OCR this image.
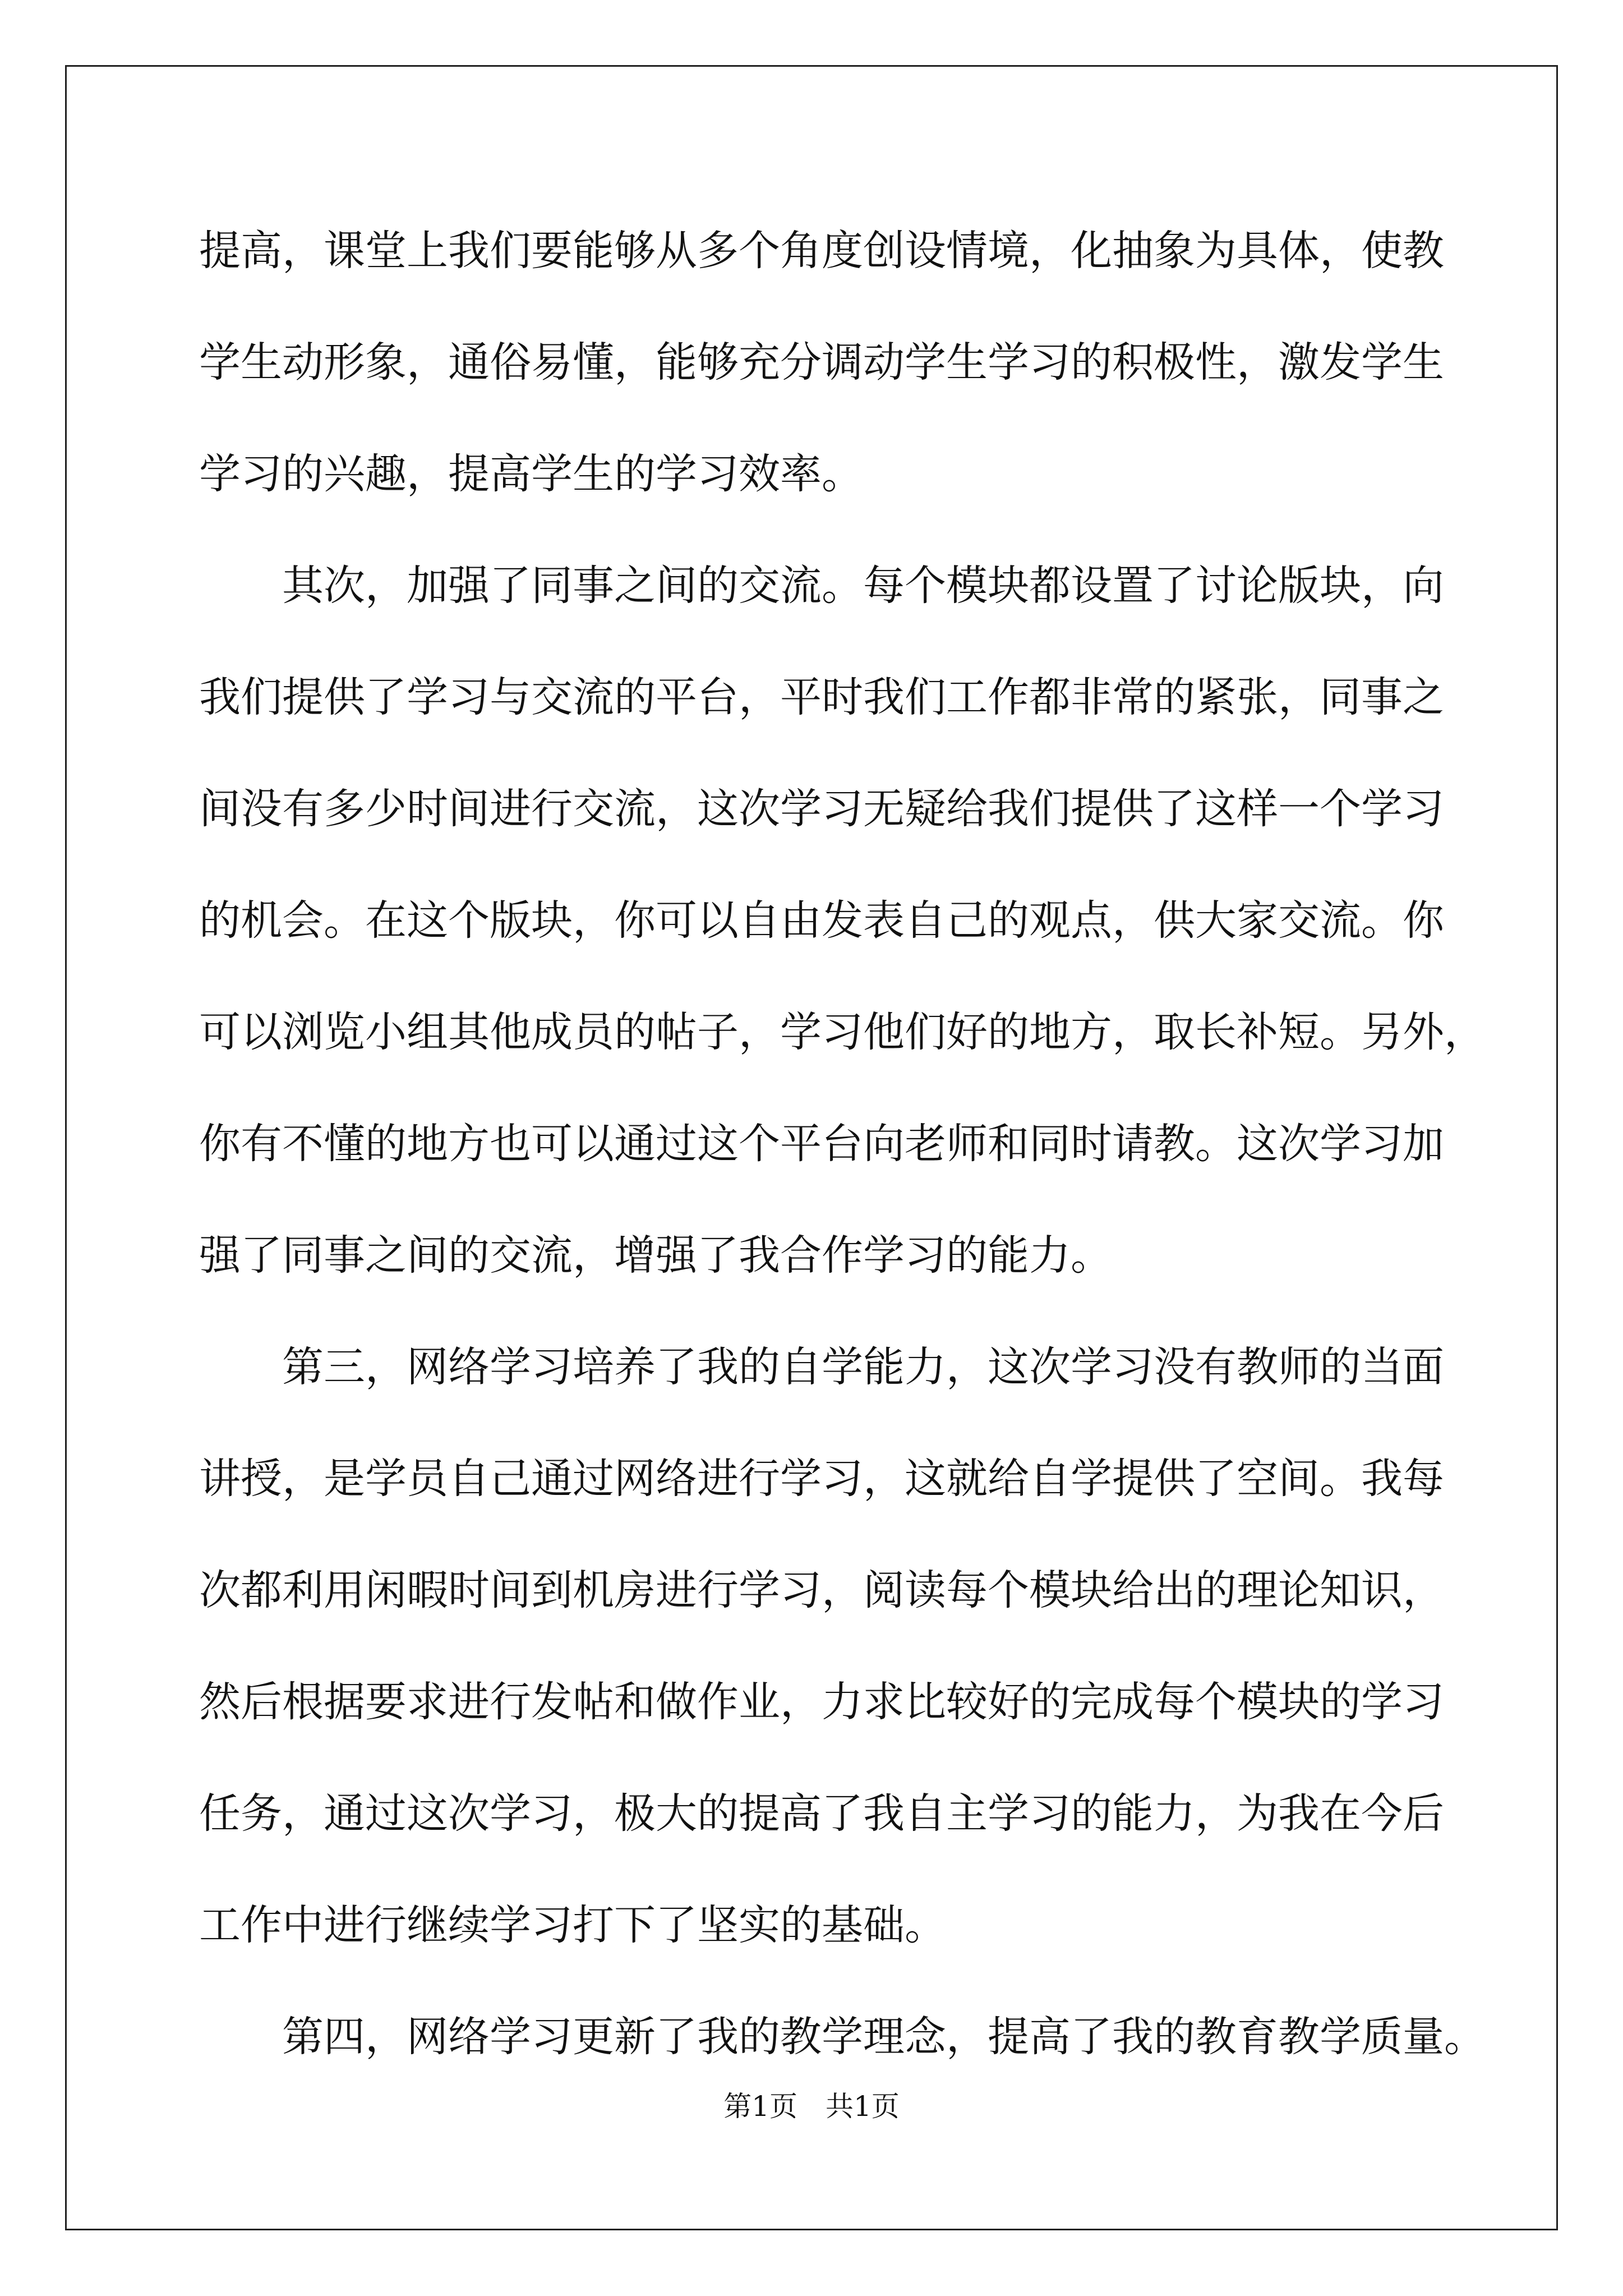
提高，课堂上我们要能够从多个角度创设情境，化抽象为具体，使教
学生动形象，通俗易懂，能够充分调动学生学习的积极性，激发学生
学习的兴趣，提高学生的学习效率。
其次，加强了同事之间的交流。每个模块都设置了讨论版块，向
我们提供了学习与交流的平台，平时我们工作都非常的紧张，同事之
间没有多少时间进行交流，这次学习无疑给我们提供了这样一个学习
的机会。在这个版块，你可以自由发表自己的观点，供大家交流。你
可以浏览小组其他成员的帖子，学习他们好的地方，取长补短。另外，
你有不懂的地方也可以通过这个平台向老师和同时请教。这次学习加
强了同事之间的交流，增强了我合作学习的能力。
第三，网络学习培养了我的自学能力，这次学习没有教师的当面
讲授，是学员自己通过网络进行学习，这就给自学提供了空间。我每
次都利用闲暇时间到机房进行学习，阅读每个模块给出的理论知识，
然后根据要求进行发帖和做作业，力求比较好的完成每个模块的学习
任务，通过这次学习，极大的提高了我自主学习的能力，为我在今后
工作中进行继续学习打下了坚实的基础。
第四，网络学习更新了我的教学理念，提高了我的教育教学质量。
第1页　共1页
